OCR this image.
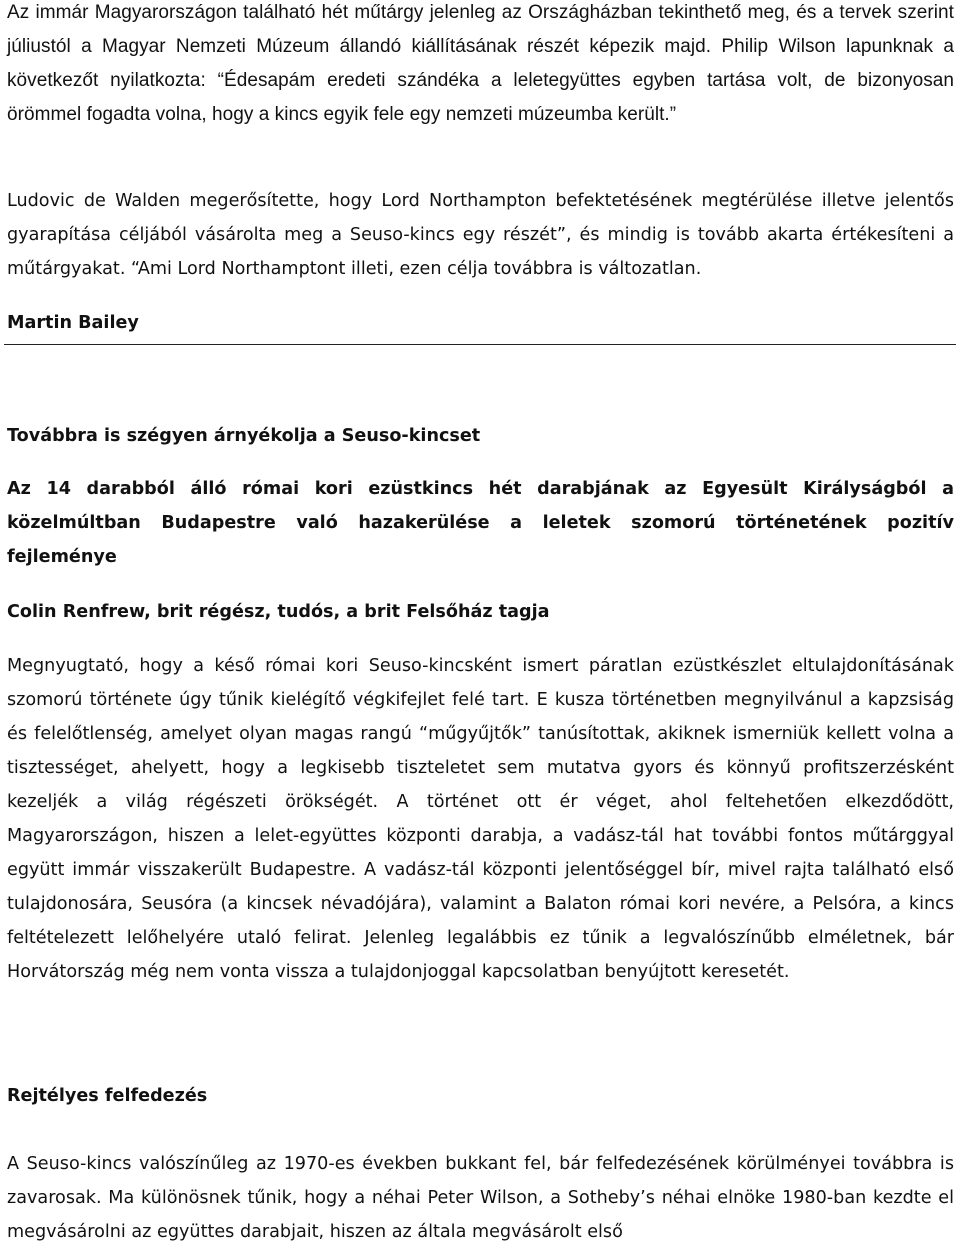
Az immár Magyarországon található hét műtárgy jelenleg az Országházban tekinthető meg, és a tervek szerint júliustól a Magyar Nemzeti Múzeum állandó kiállításának részét képezik majd. Philip Wilson lapunknak a következőt nyilatkozta: “Édesapám eredeti szándéka a leletegyüttes egyben tartása volt, de bizonyosan örömmel fogadta volna, hogy a kincs egyik fele egy nemzeti múzeumba került.”

Ludovic de Walden megerősítette, hogy Lord Northampton befektetésének megtérülése illetve jelentős gyarapítása céljából vásárolta meg a Seuso-kincs egy részét”, és mindig is tovább akarta értékesíteni a műtárgyakat. “Ami Lord Northamptont illeti, ezen célja továbbra is változatlan.

Martin Bailey

Továbbra is szégyen árnyékolja a Seuso-kincset

Az 14 darabból álló római kori ezüstkincs hét darabjának az Egyesült Királyságból a közelmúltban Budapestre való hazakerülése a leletek szomorú történetének pozitív fejleménye

Colin Renfrew, brit régész, tudós, a brit Felsőház tagja

Megnyugtató, hogy a késő római kori Seuso-kincsként ismert páratlan ezüstkészlet eltulajdonításának szomorú története úgy tűnik kielégítő végkifejlet felé tart. E kusza történetben megnyilvánul a kapzsiság és felelőtlenség, amelyet olyan magas rangú “műgyűjtők” tanúsítottak, akiknek ismerniük kellett volna a tisztességet, ahelyett, hogy a legkisebb tiszteletet sem mutatva gyors és könnyű profitszerzésként kezeljék a világ régészeti örökségét. A történet ott ér véget, ahol feltehetően elkezdődött, Magyarországon, hiszen a lelet-együttes központi darabja, a vadász-tál hat további fontos műtárggyal együtt immár visszakerült Budapestre. A vadász-tál központi jelentőséggel bír, mivel rajta található első tulajdonosára, Seusóra (a kincsek névadójára), valamint a Balaton római kori nevére, a Pelsóra, a kincs feltételezett lelőhelyére utaló felirat. Jelenleg legalábbis ez tűnik a legvalószínűbb elméletnek, bár Horvátország még nem vonta vissza a tulajdonjoggal kapcsolatban benyújtott keresetét.

Rejtélyes felfedezés

A Seuso-kincs valószínűleg az 1970-es években bukkant fel, bár felfedezésének körülményei továbbra is zavarosak. Ma különösnek tűnik, hogy a néhai Peter Wilson, a Sotheby’s néhai elnöke 1980-ban kezdte el megvásárolni az együttes darabjait, hiszen az általa megvásárolt első
